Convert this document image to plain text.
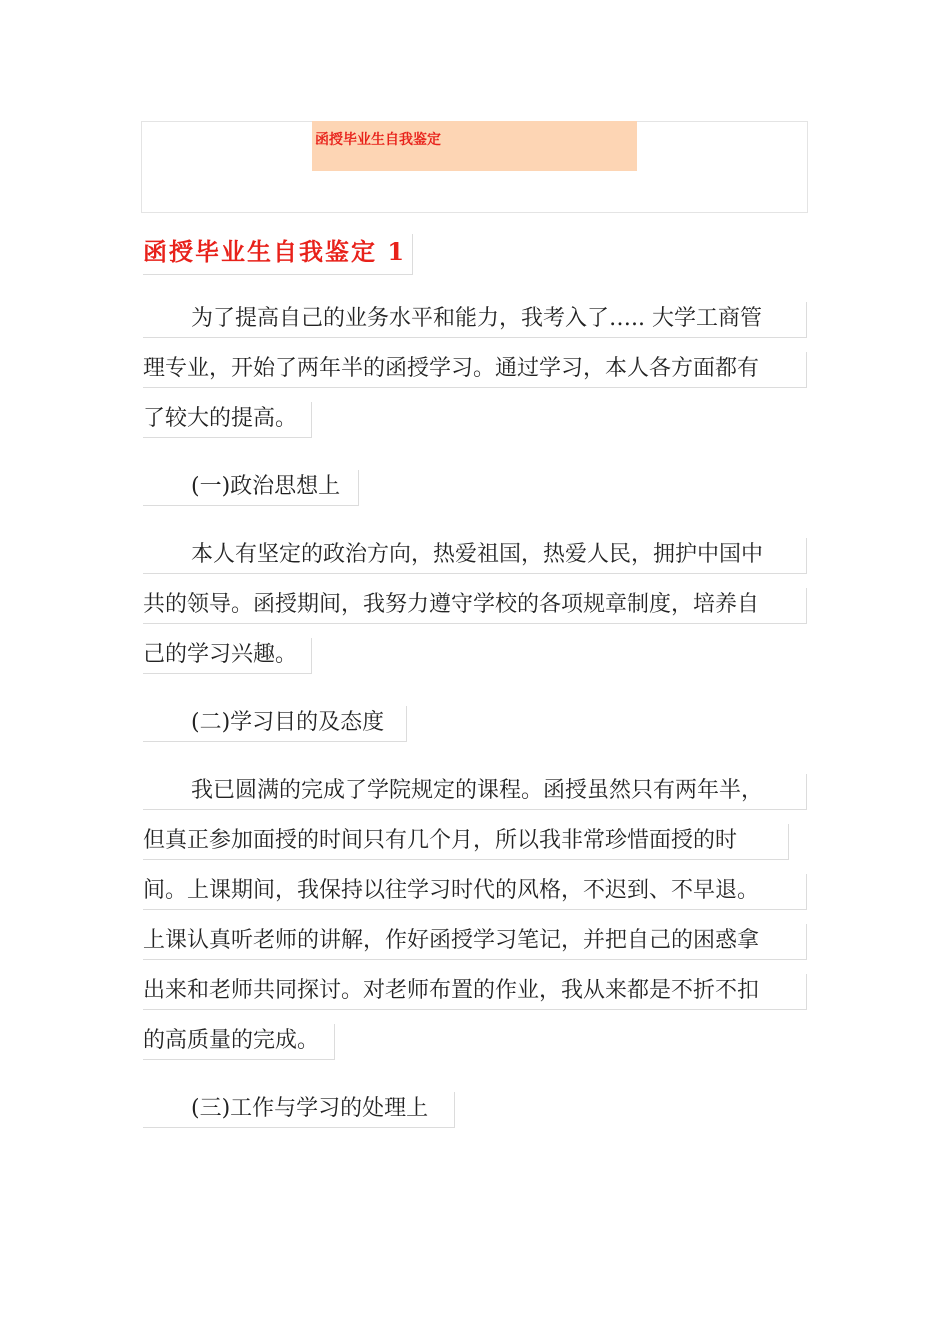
函授毕业生自我鉴定
函授毕业生自我鉴定 1
为了提高自己的业务水平和能力，我考入了….. 大学工商管
理专业，开始了两年半的函授学习。通过学习，本人各方面都有
了较大的提高。
(一)政治思想上
本人有坚定的政治方向，热爱祖国，热爱人民，拥护中国中
共的领导。函授期间，我努力遵守学校的各项规章制度，培养自
己的学习兴趣。
(二)学习目的及态度
我已圆满的完成了学院规定的课程。函授虽然只有两年半，
但真正参加面授的时间只有几个月，所以我非常珍惜面授的时
间。上课期间，我保持以往学习时代的风格，不迟到、不早退。
上课认真听老师的讲解，作好函授学习笔记，并把自己的困惑拿
出来和老师共同探讨。对老师布置的作业，我从来都是不折不扣
的高质量的完成。
(三)工作与学习的处理上
